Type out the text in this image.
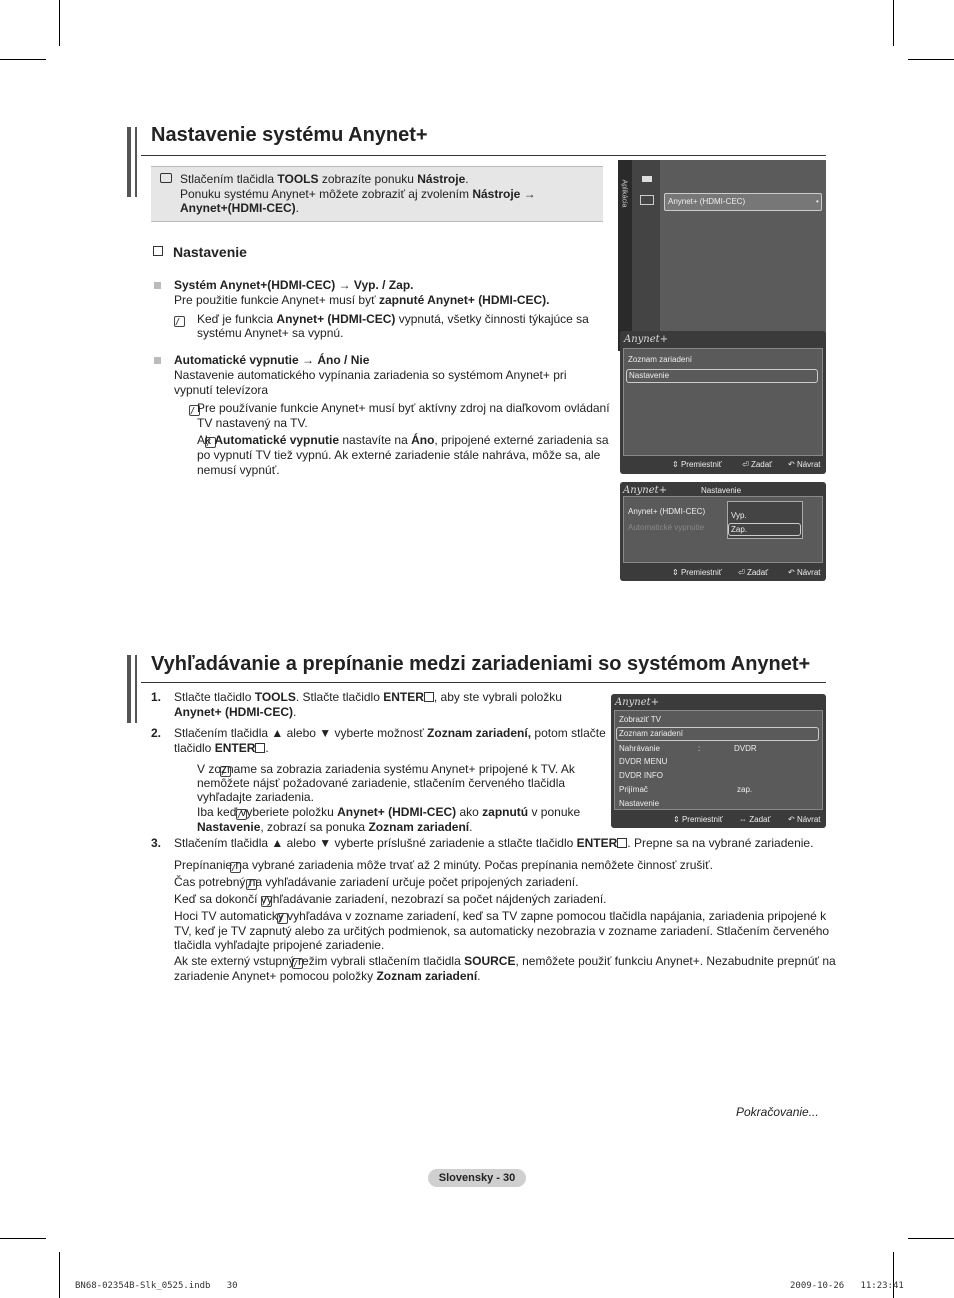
Nastavenie systému Anynet+
Stlačením tlačidla TOOLS zobrazíte ponuku Nástroje.
Ponuku systému Anynet+ môžete zobraziť aj zvolením Nástroje →
Anynet+(HDMI-CEC).
Nastavenie
Systém Anynet+(HDMI-CEC) → Vyp. / Zap.
Pre použitie funkcie Anynet+ musí byť zapnuté Anynet+ (HDMI-CEC).

Keď je funkcia Anynet+ (HDMI-CEC) vypnutá, všetky činnosti týkajúce sa
systému Anynet+ sa vypnú.
Automatické vypnutie → Áno / Nie
Nastavenie automatického vypínania zariadenia so systémom Anynet+ pri
vypnutí televízora

Pre používanie funkcie Anynet+ musí byť aktívny zdroj na diaľkovom ovládaní
TV nastavený na TV.

Ak Automatické vypnutie nastavíte na Áno, pripojené externé zariadenia sa
po vypnutí TV tiež vypnú. Ak externé zariadenie stále nahráva, môže sa, ale
nemusí vypnúť.
Aplikácia	Anynet+ (HDMI-CEC)	•
Anynet+
Zoznam zariadení
Nastavenie
⇕ Premiestniť	⏎ Zadať ↶ Návrat
Anynet+	Nastavenie
Anynet+ (HDMI-CEC)
Automatické vypnutie
Vyp.
Zap.
⇕ Premiestniť ⏎ Zadať ↶ Návrat
Vyhľadávanie a prepínanie medzi zariadeniami so systémom Anynet+
1. Stlačte tlačidlo TOOLS. Stlačte tlačidlo ENTER , aby ste vybrali položku
Anynet+ (HDMI-CEC).
2. Stlačením tlačidla ▲ alebo ▼ vyberte možnosť Zoznam zariadení, potom stlačte
tlačidlo ENTER .

V zozname sa zobrazia zariadenia systému Anynet+ pripojené k TV. Ak
nemôžete nájsť požadované zariadenie, stlačením červeného tlačidla
vyhľadajte zariadenia.

Iba keď vyberiete položku Anynet+ (HDMI-CEC) ako zapnutú v ponuke
Nastavenie, zobrazí sa ponuka Zoznam zariadení.
3. Stlačením tlačidla ▲ alebo ▼ vyberte príslušné zariadenie a stlačte tlačidlo ENTER . Prepne sa na vybrané zariadenie.

Prepínanie na vybrané zariadenia môže trvať až 2 minúty. Počas prepínania nemôžete činnosť zrušiť.

Čas potrebný na vyhľadávanie zariadení určuje počet pripojených zariadení.

Keď sa dokončí vyhľadávanie zariadení, nezobrazí sa počet nájdených zariadení.

Hoci TV automaticky vyhľadáva v zozname zariadení, keď sa TV zapne pomocou tlačidla napájania, zariadenia pripojené k
TV, keď je TV zapnutý alebo za určitých podmienok, sa automaticky nezobrazia v zozname zariadení. Stlačením červeného
tlačidla vyhľadajte pripojené zariadenie.
Ak ste externý vstupný režim vybrali stlačením tlačidla SOURCE, nemôžete použiť funkciu Anynet+. Nezabudnite prepnúť na
zariadenie Anynet+ pomocou položky Zoznam zariadení.
Anynet+
Zobraziť TV
Zoznam zariadení
Nahrávanie	:	DVDR
DVDR MENU
DVDR INFO
Prijímač	zap.
Nastavenie
⇕ Premiestniť ⇔ Zadať ↶ Návrat
Pokračovanie...
Slovensky - 30
BN68-02354B-Slk_0525.indb   30	2009-10-26   11:23:41
